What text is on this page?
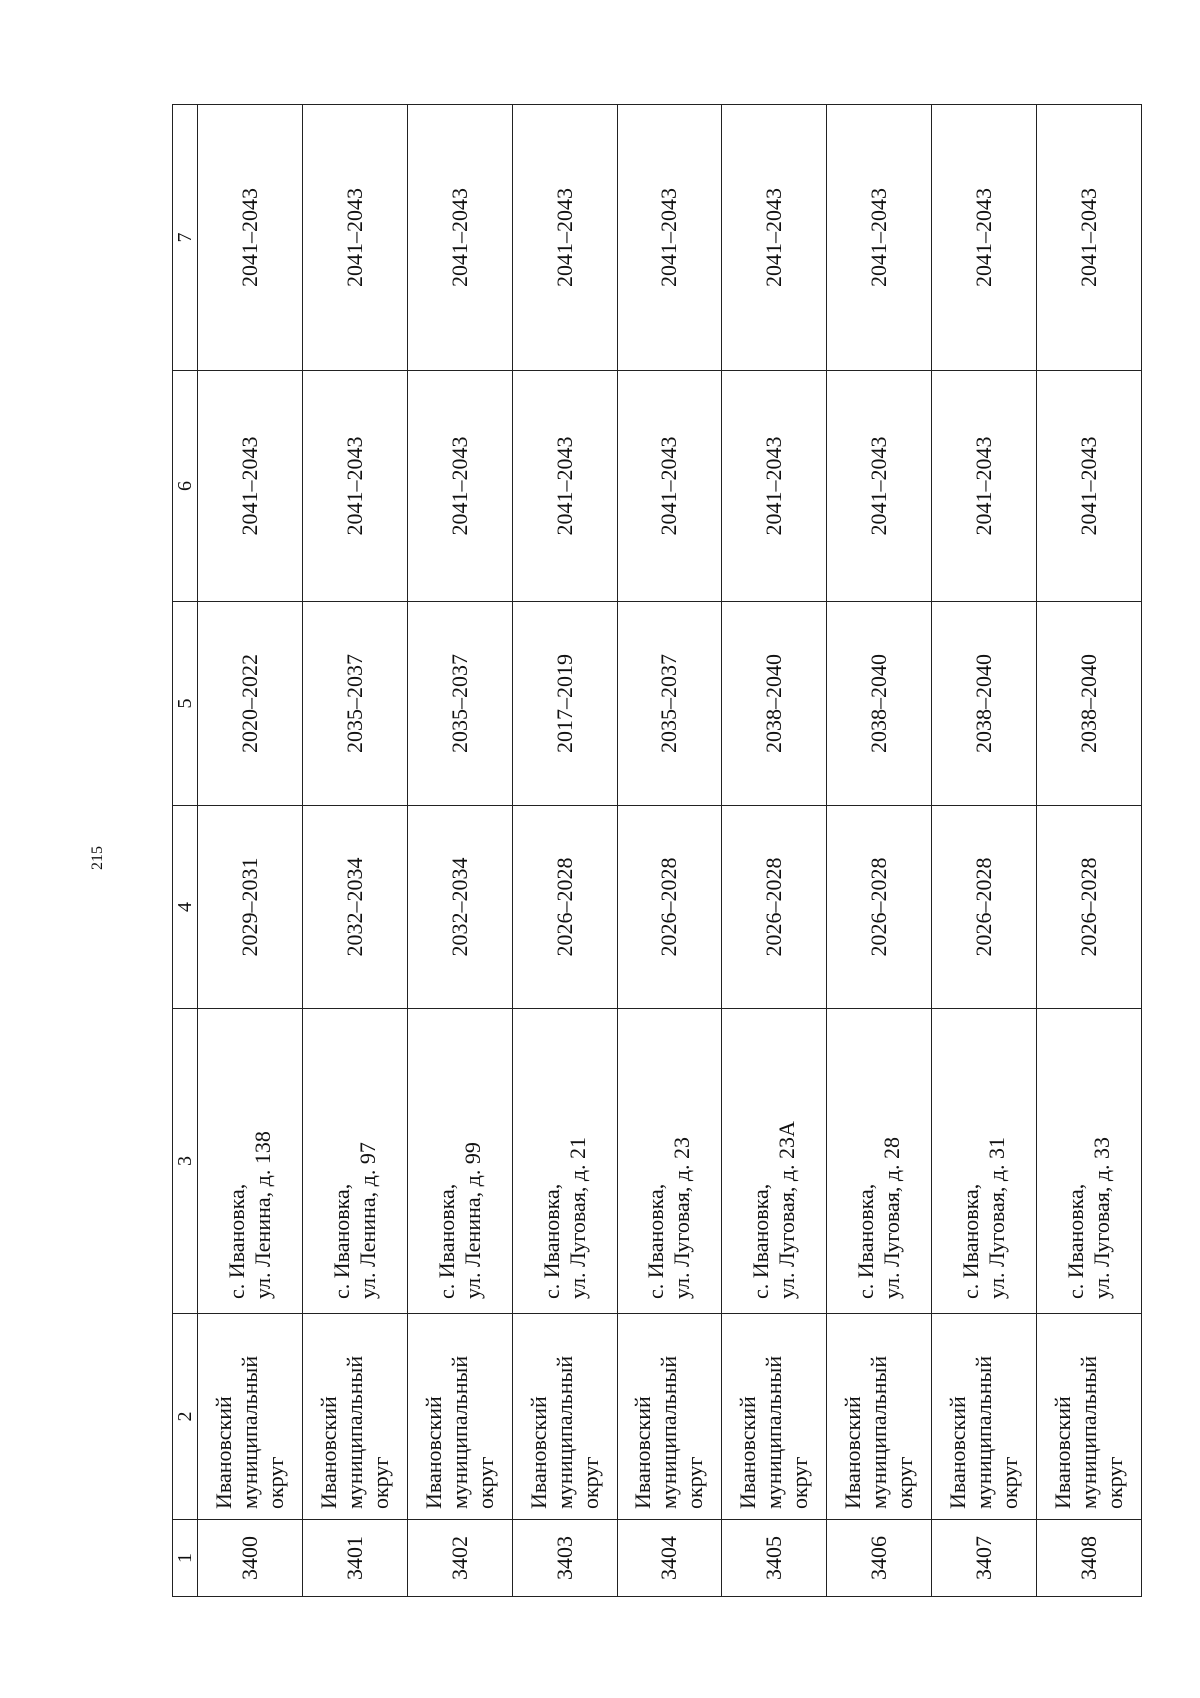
215
1	2	3	4	5	6	7

3400	Ивановский
муниципальный
округ	с. Ивановка,
ул. Ленина, д. 138	2029–2031	2020–2022	2041–2043	2041–2043

3401	Ивановский
муниципальный
округ	с. Ивановка,
ул. Ленина, д. 97	2032–2034	2035–2037	2041–2043	2041–2043

3402	Ивановский
муниципальный
округ	с. Ивановка,
ул. Ленина, д. 99	2032–2034	2035–2037	2041–2043	2041–2043

3403	Ивановский
муниципальный
округ	с. Ивановка,
ул. Луговая, д. 21	2026–2028	2017–2019	2041–2043	2041–2043

3404	Ивановский
муниципальный
округ	с. Ивановка,
ул. Луговая, д. 23	2026–2028	2035–2037	2041–2043	2041–2043

3405	Ивановский
муниципальный
округ	с. Ивановка,
ул. Луговая, д. 23А	2026–2028	2038–2040	2041–2043	2041–2043

3406	Ивановский
муниципальный
округ	с. Ивановка,
ул. Луговая, д. 28	2026–2028	2038–2040	2041–2043	2041–2043

3407	Ивановский
муниципальный
округ	с. Ивановка,
ул. Луговая, д. 31	2026–2028	2038–2040	2041–2043	2041–2043

3408	Ивановский
муниципальный
округ	с. Ивановка,
ул. Луговая, д. 33	2026–2028	2038–2040	2041–2043	2041–2043
